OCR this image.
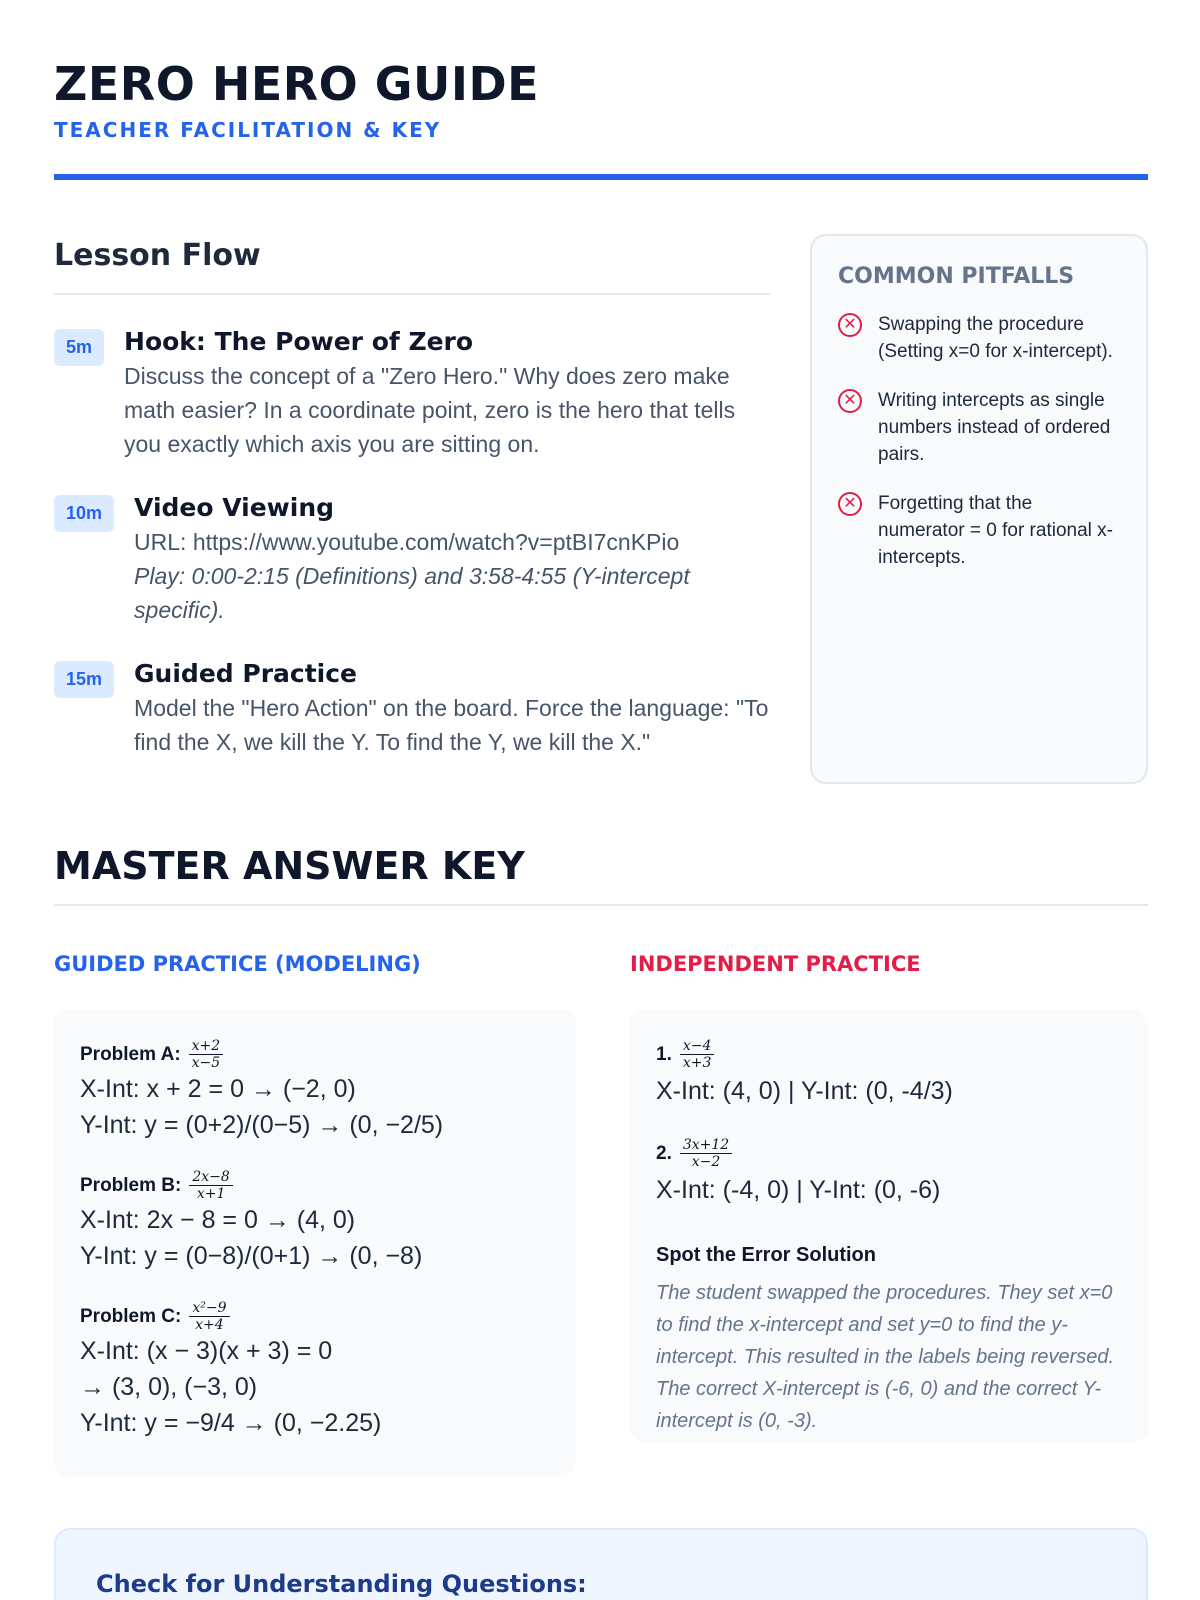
ZERO HERO GUIDE
TEACHER FACILITATION & KEY
Lesson Flow
5m	Hook: The Power of Zero
Discuss the concept of a "Zero Hero." Why does zero make math easier? In a coordinate point, zero is the hero that tells you exactly which axis you are sitting on.
10m	Video Viewing
URL: https://www.youtube.com/watch?v=ptBI7cnKPio
Play: 0:00-2:15 (Definitions) and 3:58-4:55 (Y-intercept specific).
15m	Guided Practice
Model the "Hero Action" on the board. Force the language: "To find the X, we kill the Y. To find the Y, we kill the X."
COMMON PITFALLS
✕ Swapping the procedure (Setting x=0 for x-intercept).
✕ Writing intercepts as single numbers instead of ordered pairs.
✕ Forgetting that the numerator = 0 for rational x-intercepts.
MASTER ANSWER KEY
GUIDED PRACTICE (MODELING)	INDEPENDENT PRACTICE
Problem A: $\frac{x+2}{x-5}$
X-Int: x + 2 = 0 → (−2, 0)
Y-Int: y = (0+2)/(0−5) → (0, −2/5)
Problem B: $\frac{2x-8}{x+1}$
X-Int: 2x − 8 = 0 → (4, 0)
Y-Int: y = (0−8)/(0+1) → (0, −8)
Problem C: $\frac{\text{x²−9}}{x+4}$
X-Int: (x − 3)(x + 3) = 0
→ (3, 0), (−3, 0)
Y-Int: y = −9/4 → (0, −2.25)
1. $\frac{x-4}{x+3}$
X-Int: (4, 0) | Y-Int: (0, -4/3)
2. $\frac{3x+12}{x-2}$
X-Int: (-4, 0) | Y-Int: (0, -6)
Spot the Error Solution
The student swapped the procedures. They set x=0 to find the x-intercept and set y=0 to find the y-intercept. This resulted in the labels being reversed. The correct X-intercept is (-6, 0) and the correct Y-intercept is (0, -3).
Check for Understanding Questions:
